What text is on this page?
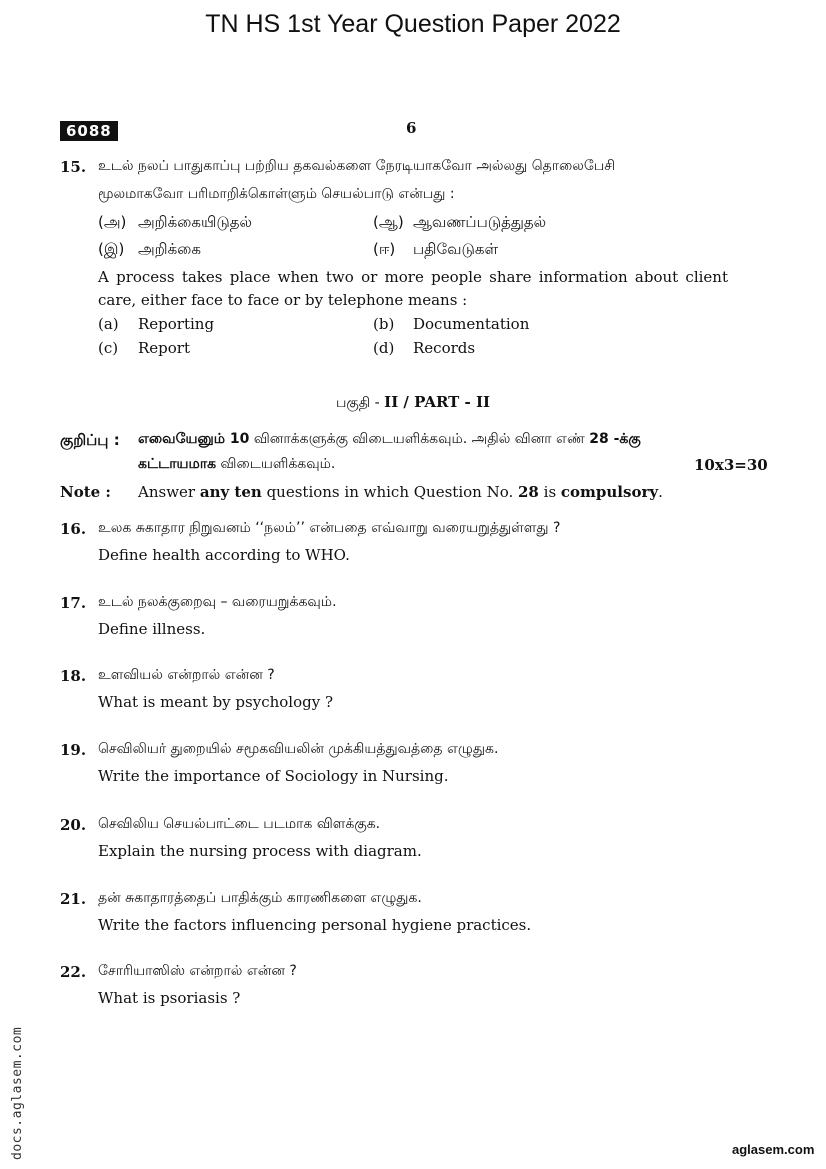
TN HS 1st Year Question Paper 2022
6088	6
15. உடல் நலப் பாதுகாப்பு பற்றிய தகவல்களை நேரடியாகவோ அல்லது தொலைபேசி
மூலமாகவோ பரிமாறிக்கொள்ளும் செயல்பாடு என்பது :
(அ) அறிக்கையிடுதல்	(ஆ) ஆவணப்படுத்துதல்
(இ) அறிக்கை	(ஈ) பதிவேடுகள்
A process takes place when two or more people share information about client
care, either face to face or by telephone means :
(a) Reporting	(b) Documentation
(c) Report	(d) Records
பகுதி - II / PART - II
குறிப்பு : எவையேனும் 10 வினாக்களுக்கு விடையளிக்கவும். அதில் வினா எண் 28 -க்கு
கட்டாயமாக விடையளிக்கவும்.	10x3=30
Note : Answer any ten questions in which Question No. 28 is compulsory.
16. உலக சுகாதார நிறுவனம் ‘‘நலம்’’ என்பதை எவ்வாறு வரையறுத்துள்ளது ?
Define health according to WHO.
17. உடல் நலக்குறைவு – வரையறுக்கவும்.
Define illness.
18. உளவியல் என்றால் என்ன ?
What is meant by psychology ?
19. செவிலியர் துறையில் சமூகவியலின் முக்கியத்துவத்தை எழுதுக.
Write the importance of Sociology in Nursing.
20. செவிலிய செயல்பாட்டை படமாக விளக்குக.
Explain the nursing process with diagram.
21. தன் சுகாதாரத்தைப் பாதிக்கும் காரணிகளை எழுதுக.
Write the factors influencing personal hygiene practices.
22. சோரியாஸிஸ் என்றால் என்ன ?
What is psoriasis ?
docs.aglasem.com	aglasem.com
